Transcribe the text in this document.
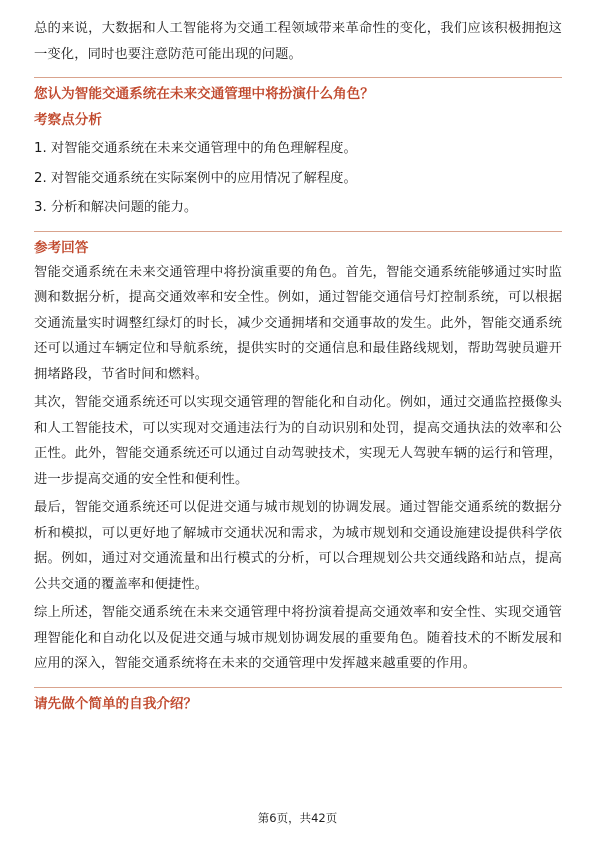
总的来说，大数据和人工智能将为交通工程领域带来革命性的变化，我们应该积极拥抱这一变化，同时也要注意防范可能出现的问题。

您认为智能交通系统在未来交通管理中将扮演什么角色？
考察点分析
1. 对智能交通系统在未来交通管理中的角色理解程度。
2. 对智能交通系统在实际案例中的应用情况了解程度。
3. 分析和解决问题的能力。
参考回答

智能交通系统在未来交通管理中将扮演重要的角色。首先，智能交通系统能够通过实时监测和数据分析，提高交通效率和安全性。例如，通过智能交通信号灯控制系统，可以根据交通流量实时调整红绿灯的时长，减少交通拥堵和交通事故的发生。此外，智能交通系统还可以通过车辆定位和导航系统，提供实时的交通信息和最佳路线规划，帮助驾驶员避开拥堵路段，节省时间和燃料。

其次，智能交通系统还可以实现交通管理的智能化和自动化。例如，通过交通监控摄像头和人工智能技术，可以实现对交通违法行为的自动识别和处罚，提高交通执法的效率和公正性。此外，智能交通系统还可以通过自动驾驶技术，实现无人驾驶车辆的运行和管理，进一步提高交通的安全性和便利性。

最后，智能交通系统还可以促进交通与城市规划的协调发展。通过智能交通系统的数据分析和模拟，可以更好地了解城市交通状况和需求，为城市规划和交通设施建设提供科学依据。例如，通过对交通流量和出行模式的分析，可以合理规划公共交通线路和站点，提高公共交通的覆盖率和便捷性。

综上所述，智能交通系统在未来交通管理中将扮演着提高交通效率和安全性、实现交通管理智能化和自动化以及促进交通与城市规划协调发展的重要角色。随着技术的不断发展和应用的深入，智能交通系统将在未来的交通管理中发挥越来越重要的作用。

请先做个简单的自我介绍？
第6页，共42页
